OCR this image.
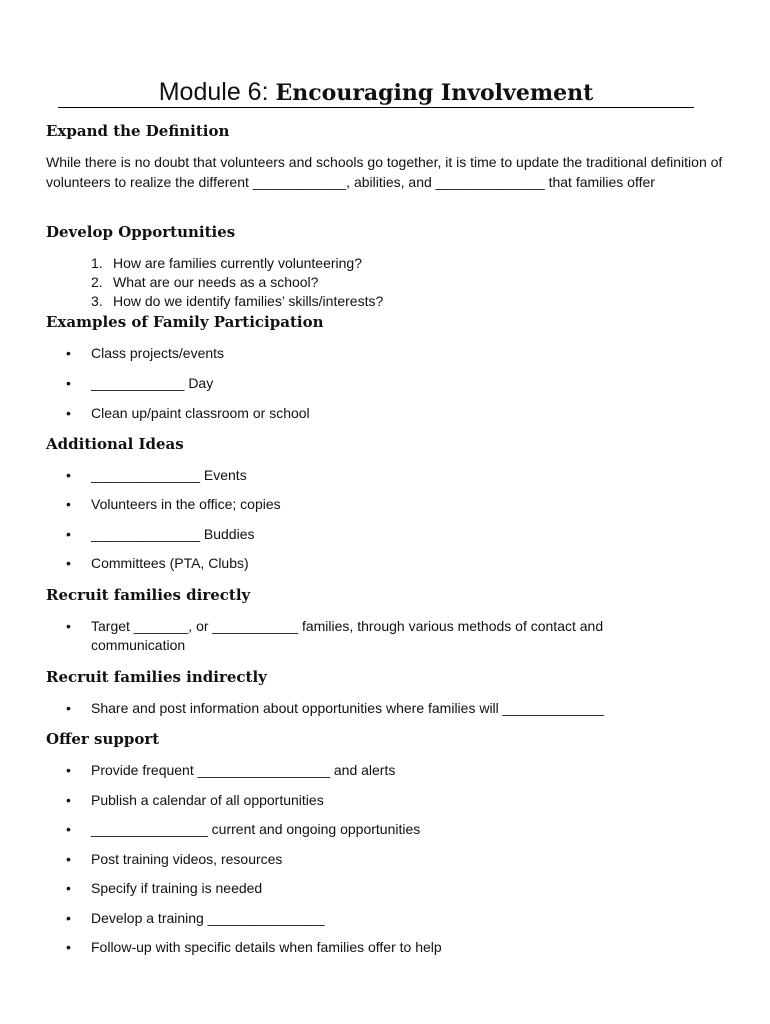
Module 6: Encouraging Involvement
Expand the Definition

While there is no doubt that volunteers and schools go together, it is time to update the traditional definition of volunteers to realize the different ____________, abilities, and ______________ that families offer

Develop Opportunities
1. How are families currently volunteering?
2. What are our needs as a school?
3. How do we identify families’ skills/interests?
Examples of Family Participation
• Class projects/events
• ____________ Day
• Clean up/paint classroom or school
Additional Ideas
• ______________ Events
• Volunteers in the office; copies
• ______________ Buddies
• Committees (PTA, Clubs)
Recruit families directly
• Target _______, or ___________ families, through various methods of contact and communication
Recruit families indirectly
• Share and post information about opportunities where families will _____________
Offer support
• Provide frequent _________________ and alerts
• Publish a calendar of all opportunities
• _______________ current and ongoing opportunities
• Post training videos, resources
• Specify if training is needed
• Develop a training _______________
• Follow-up with specific details when families offer to help
